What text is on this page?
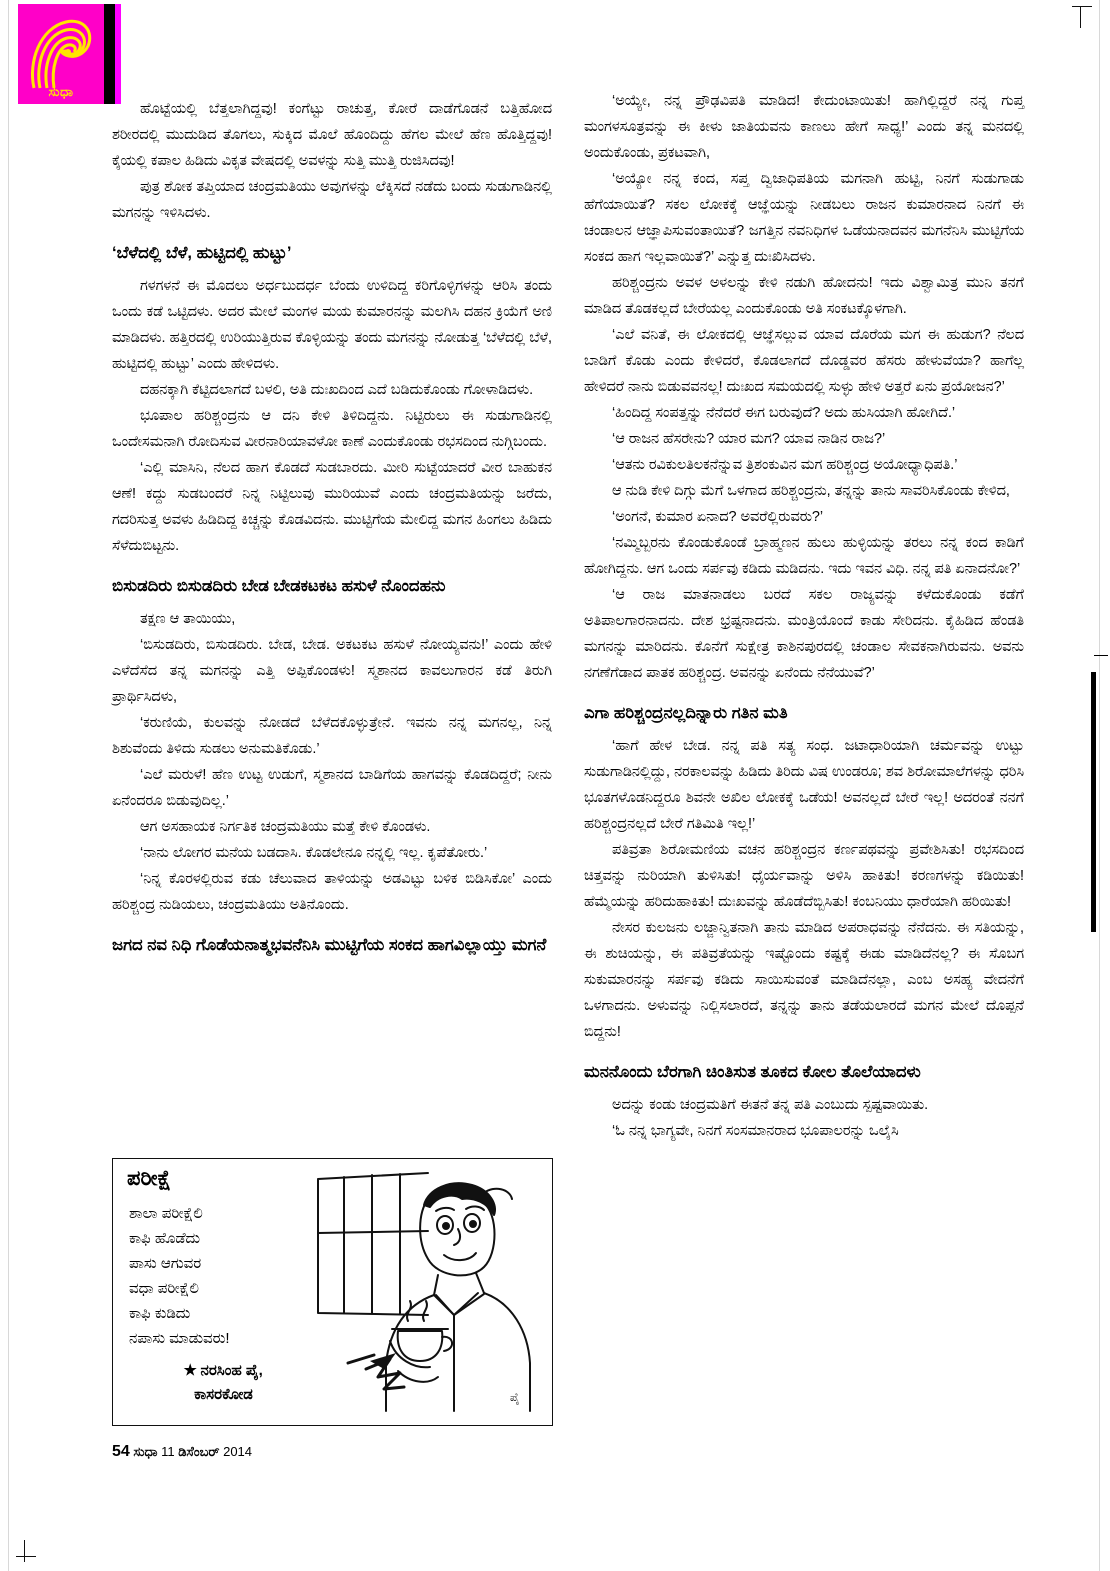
ಸುಧಾ

ಹೊಟ್ಟೆಯಲ್ಲಿ ಬೆತ್ತಲಾಗಿದ್ದವು! ಕಂಗೆಟ್ಟು ರಾಚುತ್ತ, ಕೋರೆ ದಾಡೆಗೊಡನೆ ಬತ್ತಿಹೋದ ಶರೀರದಲ್ಲಿ ಮುದುಡಿದ ತೊಗಲು, ಸುಕ್ಕಿದ ಮೊಲೆ ಹೊಂದಿದ್ದು ಹೆಗಲ ಮೇಲೆ ಹೆಣ ಹೊತ್ತಿದ್ದವು! ಕೈಯಲ್ಲಿ ಕಪಾಲ ಹಿಡಿದು ವಿಕೃತ ವೇಷದಲ್ಲಿ ಅವಳನ್ನು ಸುತ್ತಿ ಮುತ್ತಿ ರುಜಿಸಿದವು!

ಪುತ್ರ ಶೋಕ ತಪ್ತಿಯಾದ ಚಂದ್ರಮತಿಯು ಅವುಗಳನ್ನು ಲೆಕ್ಕಿಸದೆ ನಡೆದು ಬಂದು ಸುಡುಗಾಡಿನಲ್ಲಿ ಮಗನನ್ನು ಇಳಿಸಿದಳು.

‘ಬೆಳೆದಲ್ಲಿ ಬೆಳೆ, ಹುಟ್ಟಿದಲ್ಲಿ ಹುಟ್ಟು’

ಗಳಗಳನೆ ಈ ಮೊದಲು ಅರ್ಧಬುದರ್ಧ ಬೆಂದು ಉಳಿದಿದ್ದ ಕರಿಗೊಳ್ಳಿಗಳನ್ನು ಆರಿಸಿ ತಂದು ಒಂದು ಕಡೆ ಒಟ್ಟಿದಳು. ಅದರ ಮೇಲೆ ಮಂಗಳ ಮಯ ಕುಮಾರನನ್ನು ಮಲಗಿಸಿ ದಹನ ಕ್ರಿಯೆಗೆ ಅಣಿ ಮಾಡಿದಳು. ಹತ್ತಿರದಲ್ಲಿ ಉರಿಯುತ್ತಿರುವ ಕೊಳ್ಳಿಯನ್ನು ತಂದು ಮಗನನ್ನು ನೋಡುತ್ತ ‘ಬೆಳೆದಲ್ಲಿ ಬೆಳೆ, ಹುಟ್ಟಿದಲ್ಲಿ ಹುಟ್ಟು’ ಎಂದು ಹೇಳಿದಳು.

ದಹನಕ್ಕಾಗಿ ಕೆಟ್ಟಿದಲಾಗದೆ ಬಳಲಿ, ಅತಿ ದುಃಖದಿಂದ ಎದೆ ಬಡಿದುಕೊಂಡು ಗೋಳಾಡಿದಳು.

ಭೂಪಾಲ ಹರಿಶ್ಚಂದ್ರನು ಆ ದನಿ ಕೇಳಿ ತಿಳಿದಿದ್ದನು. ನಿಟ್ಟಿರುಲು ಈ ಸುಡುಗಾಡಿನಲ್ಲಿ ಒಂದೇಸಮನಾಗಿ ರೋದಿಸುವ ವೀರನಾರಿಯಾವಳೋ ಕಾಣೆ ಎಂದುಕೊಂಡು ರಭಸದಿಂದ ನುಗ್ಗಿಬಂದು.

‘ಎಲ್ಲಿ ಮಾಸಿನಿ, ನೆಲದ ಹಾಗ ಕೊಡದೆ ಸುಡಬಾರದು. ಮೀರಿ ಸುಟ್ಟೆಯಾದರೆ ವೀರ ಬಾಹುಕನ ಆಣೆ! ಕದ್ದು ಸುಡಬಂದರೆ ನಿನ್ನ ನಿಟ್ಟಿಲುವು ಮುರಿಯುವೆ ಎಂದು ಚಂದ್ರಮತಿಯನ್ನು ಜರೆದು, ಗದರಿಸುತ್ತ ಅವಳು ಹಿಡಿದಿದ್ದ ಕಿಚ್ಚನ್ನು ಕೊಡವಿದನು. ಮುಟ್ಟಿಗೆಯ ಮೇಲಿದ್ದ ಮಗನ ಹಿಂಗಲು ಹಿಡಿದು ಸೆಳೆದುಬಿಟ್ಟನು.

ಬಿಸುಡದಿರು ಬಿಸುಡದಿರು ಬೇಡ ಬೇಡಕಟಕಟ ಹಸುಳೆ ನೊಂದಹನು

ತಕ್ಷಣ ಆ ತಾಯಿಯು,

‘ಬಿಸುಡದಿರು, ಬಿಸುಡದಿರು. ಬೇಡ, ಬೇಡ. ಅಕಟಕಟ ಹಸುಳೆ ನೋಯ್ಯವನು!’ ಎಂದು ಹೇಳಿ ಎಳೆದೆಸೆದ ತನ್ನ ಮಗನನ್ನು ಎತ್ತಿ ಅಪ್ಪಿಕೊಂಡಳು! ಸ್ಮಶಾನದ ಕಾವಲುಗಾರನ ಕಡೆ ತಿರುಗಿ ಪ್ರಾರ್ಥಿಸಿದಳು,

‘ಕರುಣಿಯೆ, ಕುಲವನ್ನು ನೋಡದೆ ಬೆಳೆದಕೊಳ್ಳುತ್ರೇನೆ. ಇವನು ನನ್ನ ಮಗನಲ್ಲ, ನಿನ್ನ ಶಿಶುವೆಂದು ತಿಳಿದು ಸುಡಲು ಅನುಮತಿಕೊಡು.’

‘ಎಲೆ ಮರುಳೆ! ಹೆಣ ಉಟ್ಟ ಉಡುಗೆ, ಸ್ಮಶಾನದ ಬಾಡಿಗೆಯ ಹಾಗವನ್ನು ಕೊಡದಿದ್ದರೆ; ನೀನು ಏನೆಂದರೂ ಬಿಡುವುದಿಲ್ಲ.’

ಆಗ ಅಸಹಾಯಕ ನಿರ್ಗತಿಕ ಚಂದ್ರಮತಿಯು ಮತ್ತೆ ಕೇಳಿ ಕೊಂಡಳು.

‘ನಾನು ಲೋಗರ ಮನೆಯ ಬಡದಾಸಿ. ಕೊಡಲೇನೂ ನನ್ನಲ್ಲಿ ಇಲ್ಲ. ಕೃಪೆತೋರು.’

‘ನಿನ್ನ ಕೊರಳಲ್ಲಿರುವ ಕಡು ಚೆಲುವಾದ ತಾಳಿಯನ್ನು ಅಡವಿಟ್ಟು ಬಳಿಕ ಬಿಡಿಸಿಕೋ’ ಎಂದು ಹರಿಶ್ಚಂದ್ರ ನುಡಿಯಲು, ಚಂದ್ರಮತಿಯು ಅತಿನೊಂದು.

ಜಗದ ನವ ನಿಧಿ ಗೊಡೆಯನಾತ್ಮಭವನೆನಿಸಿ ಮುಟ್ಟಿಗೆಯ ಸಂಕದ ಹಾಗವಿಲ್ಲಾಯ್ತು ಮಗನೆ
ಪರೀಕ್ಷೆ
ಶಾಲಾ ಪರೀಕ್ಷೆಲಿ
ಕಾಫಿ ಹೊಡೆದು
ಪಾಸು ಆಗುವರ
ವಧಾ ಪರೀಕ್ಷೆಲಿ
ಕಾಫಿ ಕುಡಿದು
ನಪಾಸು ಮಾಡುವರು!
★ ನರಸಿಂಹ ಪೈ,
ಕಾಸರಕೋಡ	ಪೈ
54 ಸುಧಾ 11 ಡಿಸೆಂಬರ್ 2014

‘ಅಯ್ಯೇ, ನನ್ನ ಪ್ರೌಢವಿಪತಿ ಮಾಡಿದ! ಕೇದುಂಟಾಯಿತು! ಹಾಗಿಲ್ಲಿದ್ದರೆ ನನ್ನ ಗುಪ್ತ ಮಂಗಳಸೂತ್ರವನ್ನು ಈ ಕೀಳು ಜಾತಿಯವನು ಕಾಣಲು ಹೇಗೆ ಸಾಧ್ಯ!’ ಎಂದು ತನ್ನ ಮನದಲ್ಲಿ ಅಂದುಕೊಂಡು, ಪ್ರಕಟವಾಗಿ,

‘ಅಯ್ಯೋ ನನ್ನ ಕಂದ, ಸಪ್ತ ದ್ವಿಜಾಧಿಪತಿಯ ಮಗನಾಗಿ ಹುಟ್ಟಿ, ನಿನಗೆ ಸುಡುಗಾಡು ಹೆಗೆಯಾಯಿತೆ? ಸಕಲ ಲೋಕಕ್ಕೆ ಆಜ್ಞೆಯನ್ನು ನೀಡಬಲು ರಾಜನ ಕುಮಾರನಾದ ನಿನಗೆ ಈ ಚಂಡಾಲನ ಆಜ್ಞಾಪಿಸುವಂತಾಯಿತೆ? ಜಗತ್ತಿನ ನವನಿಧಿಗಳ ಒಡೆಯನಾದವನ ಮಗನೆನಿಸಿ ಮುಟ್ಟಿಗೆಯ ಸಂಕದ ಹಾಗ ಇಲ್ಲವಾಯಿತೆ?’ ಎನ್ನುತ್ತ ದುಃಖಿಸಿದಳು.

ಹರಿಶ್ಚಂದ್ರನು ಅವಳ ಅಳಲನ್ನು ಕೇಳಿ ನಡುಗಿ ಹೋದನು! ಇದು ವಿಶ್ವಾಮಿತ್ರ ಮುನಿ ತನಗೆ ಮಾಡಿದ ತೊಡಕಲ್ಲದೆ ಬೇರೆಯಲ್ಲ ಎಂದುಕೊಂಡು ಅತಿ ಸಂಕಟಕ್ಕೊಳಗಾಗಿ.

‘ಎಲೆ ವನಿತೆ, ಈ ಲೋಕದಲ್ಲಿ ಆಜ್ಞೆಸಲ್ಲುವ ಯಾವ ದೊರೆಯ ಮಗ ಈ ಹುಡುಗ? ನೆಲದ ಬಾಡಿಗೆ ಕೊಡು ಎಂದು ಕೇಳಿದರೆ, ಕೊಡಲಾಗದೆ ದೊಡ್ಡವರ ಹೆಸರು ಹೇಳುವೆಯಾ? ಹಾಗೆಲ್ಲ ಹೇಳಿದರೆ ನಾನು ಬಿಡುವವನಲ್ಲ! ದುಃಖದ ಸಮಯದಲ್ಲಿ ಸುಳ್ಳು ಹೇಳಿ ಅತ್ತರೆ ಏನು ಪ್ರಯೋಜನ?’

‘ಹಿಂದಿದ್ದ ಸಂಪತ್ತನ್ನು ನೆನೆದರೆ ಈಗ ಬರುವುದೆ? ಅದು ಹುಸಿಯಾಗಿ ಹೋಗಿದೆ.’

‘ಆ ರಾಜನ ಹೆಸರೇನು? ಯಾರ ಮಗ? ಯಾವ ನಾಡಿನ ರಾಜ?’

‘ಆತನು ರವಿಕುಲತಿಲಕನೆನ್ನುವ ತ್ರಿಶಂಕುವಿನ ಮಗ ಹರಿಶ್ಚಂದ್ರ ಅಯೋಧ್ಯಾಧಿಪತಿ.’

ಆ ನುಡಿ ಕೇಳಿ ದಿಗ್ಗು ಮೆಗೆ ಒಳಗಾದ ಹರಿಶ್ಚಂದ್ರನು, ತನ್ನನ್ನು ತಾನು ಸಾವರಿಸಿಕೊಂಡು ಕೇಳಿದ,

‘ಅಂಗನೆ, ಕುಮಾರ ಏನಾದ? ಅವರೆಲ್ಲಿರುವರು?’

‘ನಮ್ಮಿಬ್ಬರನು ಕೊಂಡುಕೊಂಡೆ ಬ್ರಾಹ್ಮಣನ ಹುಲು ಹುಳ್ಳಿಯನ್ನು ತರಲು ನನ್ನ ಕಂದ ಕಾಡಿಗೆ ಹೋಗಿದ್ದನು. ಆಗ ಒಂದು ಸರ್ಪವು ಕಡಿದು ಮಡಿದನು. ಇದು ಇವನ ವಿಧಿ. ನನ್ನ ಪತಿ ಏನಾದನೋ?’

‘ಆ ರಾಜ ಮಾತನಾಡಲು ಬರದೆ ಸಕಲ ರಾಜ್ಯವನ್ನು ಕಳೆದುಕೊಂಡು ಕಡೆಗೆ ಅತಿಪಾಲಗಾರನಾದನು. ದೇಶ ಭ್ರಷ್ಟನಾದನು. ಮಂತ್ರಿಯೊಂದೆ ಕಾಡು ಸೇರಿದನು. ಕೈಹಿಡಿದ ಹೆಂಡತಿ ಮಗನನ್ನು ಮಾರಿದನು. ಕೊನೆಗೆ ಸುಕ್ಷೇತ್ರ ಕಾಶಿನಪುರದಲ್ಲಿ ಚಂಡಾಲ ಸೇವಕನಾಗಿರುವನು. ಅವನು ನಗಣೆಗೆಡಾದ ಪಾತಕ ಹರಿಶ್ಚಂದ್ರ. ಅವನನ್ನು ಏನೆಂದು ನೆನೆಯುವೆ?’

ಎಗಾ ಹರಿಶ್ಚಂದ್ರನಲ್ಲದಿನ್ನಾರು ಗತಿನ ಮತಿ

‘ಹಾಗೆ ಹೇಳ ಬೇಡ. ನನ್ನ ಪತಿ ಸತ್ಯ ಸಂಧ. ಜಟಾಧಾರಿಯಾಗಿ ಚರ್ಮವನ್ನು ಉಟ್ಟು ಸುಡುಗಾಡಿನಲ್ಲಿದ್ದು, ನರಕಾಲವನ್ನು ಹಿಡಿದು ತಿರಿದು ವಿಷ ಉಂಡರೂ; ಶವ ಶಿರೋಮಾಲೆಗಳನ್ನು ಧರಿಸಿ ಭೂತಗಳೊಡನಿದ್ದರೂ ಶಿವನೇ ಅಖಿಲ ಲೋಕಕ್ಕೆ ಒಡೆಯ! ಅವನಲ್ಲದೆ ಬೇರೆ ಇಲ್ಲ! ಅದರಂತೆ ನನಗೆ ಹರಿಶ್ಚಂದ್ರನಲ್ಲದೆ ಬೇರೆ ಗತಿಮಿತಿ ಇಲ್ಲ!’

ಪತಿವ್ರತಾ ಶಿರೋಮಣಿಯ ವಚನ ಹರಿಶ್ಚಂದ್ರನ ಕರ್ಣಪಥವನ್ನು ಪ್ರವೇಶಿಸಿತು! ರಭಸದಿಂದ ಚಿತ್ತವನ್ನು ನುರಿಯಾಗಿ ತುಳಿಸಿತು! ಧೈರ್ಯವಾನ್ನು ಅಳಿಸಿ ಹಾಕಿತು! ಕರಣಗಳನ್ನು ಕಡಿಯಿತು! ಹೆಮ್ಮೆಯನ್ನು ಹರಿದುಹಾಕಿತು! ದುಃಖವನ್ನು ಹೊಡೆದೆಬ್ಬಿಸಿತು! ಕಂಬನಿಯು ಧಾರೆಯಾಗಿ ಹರಿಯಿತು!

ನೇಸರ ಕುಲಜನು ಲಜ್ಜಾನ್ವಿತನಾಗಿ ತಾನು ಮಾಡಿದ ಅಪರಾಧವನ್ನು ನೆನೆದನು. ಈ ಸತಿಯನ್ನು, ಈ ಶುಚಿಯನ್ನು, ಈ ಪತಿವ್ರತೆಯನ್ನು ಇಷ್ಟೊಂದು ಕಷ್ಟಕ್ಕೆ ಈಡು ಮಾಡಿದೆನಲ್ಲ? ಈ ಸೊಬಗ ಸುಕುಮಾರನನ್ನು ಸರ್ಪವು ಕಡಿದು ಸಾಯಿಸುವಂತೆ ಮಾಡಿದೆನಲ್ಲಾ, ಎಂಬ ಅಸಹ್ಯ ವೇದನೆಗೆ ಒಳಗಾದನು. ಅಳುವನ್ನು ನಿಲ್ಲಿಸಲಾರದೆ, ತನ್ನನ್ನು ತಾನು ತಡೆಯಲಾರದೆ ಮಗನ ಮೇಲೆ ದೊಪ್ಪನೆ ಬಿದ್ದನು!

ಮನನೊಂದು ಬೆರಗಾಗಿ ಚಿಂತಿಸುತ ತೂಕದ ಕೋಲ ತೊಲೆಯಾದಳು

ಅದನ್ನು ಕಂಡು ಚಂದ್ರಮತಿಗೆ ಈತನೆ ತನ್ನ ಪತಿ ಎಂಬುದು ಸ್ಪಷ್ಟವಾಯಿತು.

‘ಓ ನನ್ನ ಭಾಗ್ಯವೇ, ನಿನಗೆ ಸಂಸಮಾನರಾದ ಭೂಪಾಲರನ್ನು ಒಲೈಸಿ
